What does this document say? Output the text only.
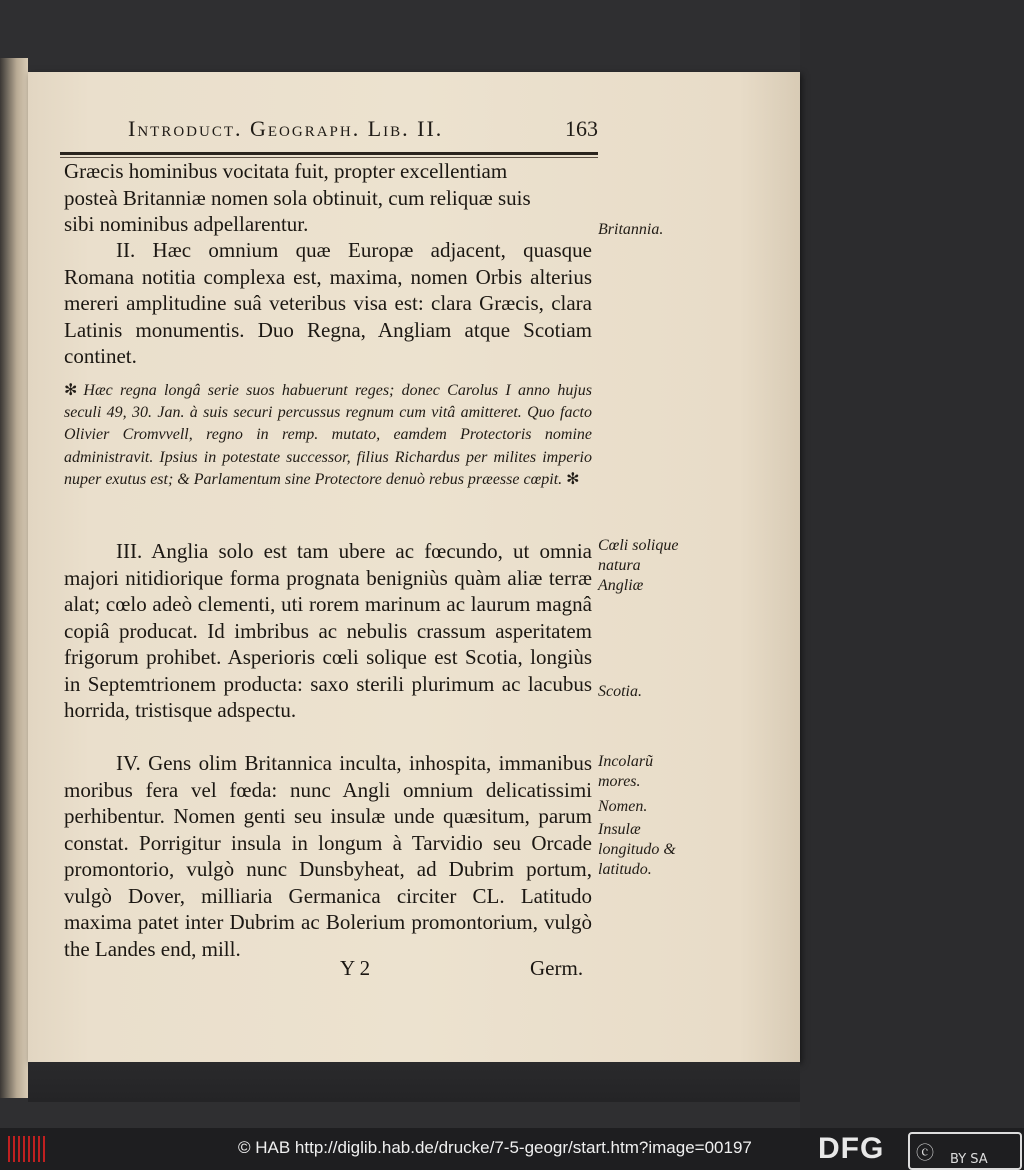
Introduct. Geograph. Lib. II.	163

Græcis hominibus vocitata fuit, propter excellentiam

postеà Britanniæ nomen sola obtinuit, cum reliquæ suis

sibi nominibus adpellarentur.

II. Hæc omnium quæ Europæ adjacent, quasque Romana notitia complexa est, maxima, nomen Orbis alterius mereri amplitudine suâ veteribus visa est: clara Græcis, clara Latinis monumentis. Duo Regna, Angliam atque Scotiam continet.

✻ Hæc regna longâ serie suos habuerunt reges; donec Carolus I anno hujus seculi 49, 30. Jan. à suis securi percussus regnum cum vitâ amitteret. Quo facto Olivier Cromvvell, regno in remp. mutato, eamdem Protectoris nomine administravit. Ipsius in potestate successor, filius Richardus per milites imperio nuper exutus est; & Parlamentum sine Protectore denuò rebus præesse cœpit. ✻

III. Anglia solo est tam ubere ac fœcundo, ut omnia majori nitidiorique forma prognata benigniùs quàm aliæ terræ alat; cœlo adeò clementi, uti rorem marinum ac laurum magnâ copiâ producat. Id imbribus ac nebulis crassum asperitatem frigorum prohibet. Asperioris cœli solique est Scotia, longiùs in Septemtrionem producta: saxo sterili plurimum ac lacubus horrida, tristisque adspectu.

IV. Gens olim Britannica inculta, inhospita, immanibus moribus fera vel fœda: nunc Angli omnium delicatissimi perhibentur. Nomen genti seu insulæ unde quæsitum, parum constat. Porrigitur insula in longum à Tarvidio seu Orcade promontorio, vulgò nunc Dunsbyheat, ad Dubrim portum, vulgò Dover, milliaria Germanica circiter CL. Latitudo maxima patet inter Dubrim ac Bolerium promontorium, vulgò the Landes end, mill.

Y 2	Germ.
Britannia.
Cœli solique natura Angliæ
Scotia.
Incolarũ mores.
Nomen.
Insulæ longitudo & latitudo.
© HAB http://diglib.hab.de/drucke/7-5-geogr/start.htm?image=00197 DFG ⓒ BY SA
